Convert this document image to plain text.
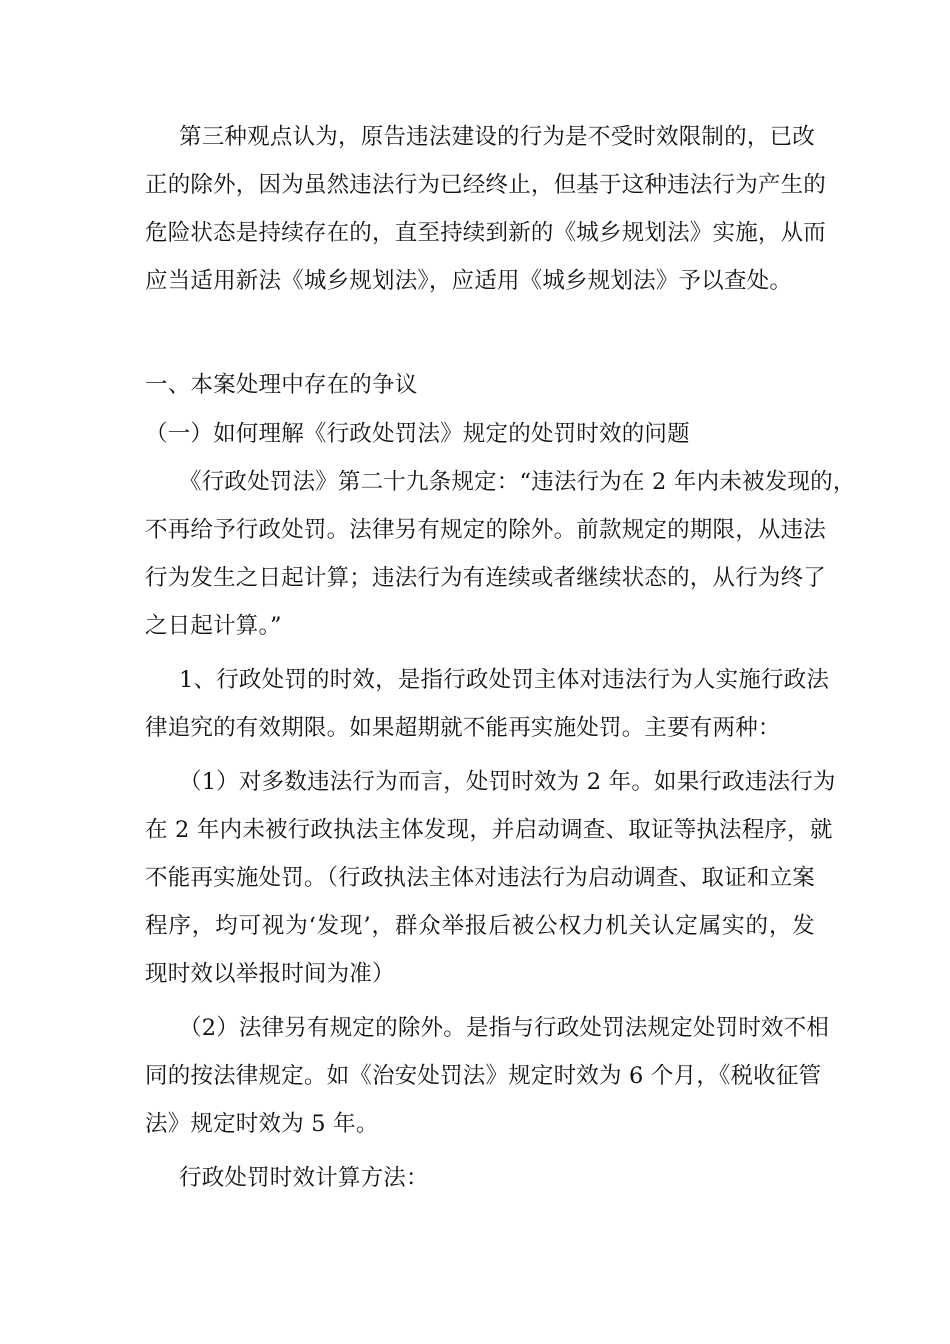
第三种观点认为，原告违法建设的行为是不受时效限制的，已改
正的除外，因为虽然违法行为已经终止，但基于这种违法行为产生的
危险状态是持续存在的，直至持续到新的《城乡规划法》实施，从而
应当适用新法《城乡规划法》，应适用《城乡规划法》予以查处。
一、本案处理中存在的争议
（一）如何理解《行政处罚法》规定的处罚时效的问题
《行政处罚法》第二十九条规定：“违法行为在 2 年内未被发现的，
不再给予行政处罚。法律另有规定的除外。前款规定的期限，从违法
行为发生之日起计算；违法行为有连续或者继续状态的，从行为终了
之日起计算。”
1、行政处罚的时效，是指行政处罚主体对违法行为人实施行政法
律追究的有效期限。如果超期就不能再实施处罚。主要有两种：
（1）对多数违法行为而言，处罚时效为 2 年。如果行政违法行为
在 2 年内未被行政执法主体发现，并启动调查、取证等执法程序，就
不能再实施处罚。（行政执法主体对违法行为启动调查、取证和立案
程序，均可视为‘发现’，群众举报后被公权力机关认定属实的，发
现时效以举报时间为准）
（2）法律另有规定的除外。是指与行政处罚法规定处罚时效不相
同的按法律规定。如《治安处罚法》规定时效为 6 个月，《税收征管
法》规定时效为 5 年。
行政处罚时效计算方法：
